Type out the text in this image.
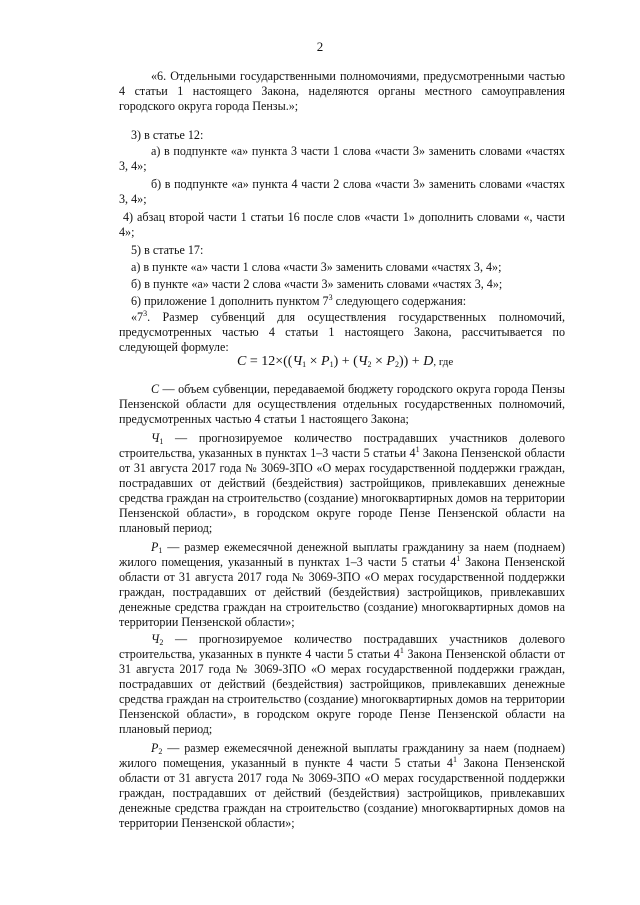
2
«6. Отдельными государственными полномочиями, предусмотренными частью 4 статьи 1 настоящего Закона, наделяются органы местного самоуправления городского округа города Пензы.»;
3) в статье 12:
а) в подпункте «а» пункта 3 части 1 слова «части 3» заменить словами «частях 3, 4»;
б) в подпункте «а» пункта 4 части 2 слова «части 3» заменить словами «частях 3, 4»;
4) абзац второй части 1 статьи 16 после слов «части 1» дополнить словами «, части 4»;
5) в статье 17:
а) в пункте «а» части 1 слова «части 3» заменить словами «частях 3, 4»;
б) в пункте «а» части 2 слова «части 3» заменить словами «частях 3, 4»;
6) приложение 1 дополнить пунктом $7^3$ следующего содержания:
«$7^3$. Размер субвенций для осуществления государственных полномочий, предусмотренных частью 4 статьи 1 настоящего Закона, рассчитывается по следующей формуле:
$C = 12\times((Ч_1 \times P_1) + (Ч_2 \times P_2)) + D$, где
C — объем субвенции, передаваемой бюджету городского округа города Пензы Пензенской области для осуществления отдельных государственных полномочий, предусмотренных частью 4 статьи 1 настоящего Закона;
$Ч_1$ — прогнозируемое количество пострадавших участников долевого строительства, указанных в пунктах 1–3 части 5 статьи $4^1$ Закона Пензенской области от 31 августа 2017 года № 3069-ЗПО «О мерах государственной поддержки граждан, пострадавших от действий (бездействия) застройщиков, привлекавших денежные средства граждан на строительство (создание) многоквартирных домов на территории Пензенской области», в городском округе городе Пензе Пензенской области на плановый период;
$P_1$ — размер ежемесячной денежной выплаты гражданину за наем (поднаем) жилого помещения, указанный в пунктах 1–3 части 5 статьи $4^1$ Закона Пензенской области от 31 августа 2017 года № 3069-ЗПО «О мерах государственной поддержки граждан, пострадавших от действий (бездействия) застройщиков, привлекавших денежные средства граждан на строительство (создание) многоквартирных домов на территории Пензенской области»;
$Ч_2$ — прогнозируемое количество пострадавших участников долевого строительства, указанных в пункте 4 части 5 статьи $4^1$ Закона Пензенской области от 31 августа 2017 года № 3069-ЗПО «О мерах государственной поддержки граждан, пострадавших от действий (бездействия) застройщиков, привлекавших денежные средства граждан на строительство (создание) многоквартирных домов на территории Пензенской области», в городском округе городе Пензе Пензенской области на плановый период;
$P_2$ — размер ежемесячной денежной выплаты гражданину за наем (поднаем) жилого помещения, указанный в пункте 4 части 5 статьи $4^1$ Закона Пензенской области от 31 августа 2017 года № 3069-ЗПО «О мерах государственной поддержки граждан, пострадавших от действий (бездействия) застройщиков, привлекавших денежные средства граждан на строительство (создание) многоквартирных домов на территории Пензенской области»;
